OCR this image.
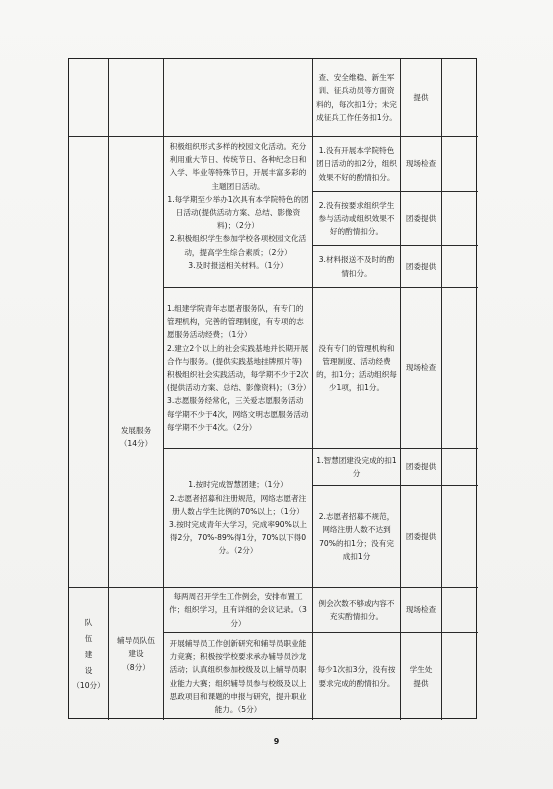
查、安全维稳、新生军训、征兵动员等方面资料的，每次扣1分；未完成征兵工作任务扣1分。

提供

发展服务

（14分）

积极组织形式多样的校园文化活动。充分利用重大节日、传统节日、各种纪念日和入学、毕业等特殊节日，开展丰富多彩的主题团日活动。

1.每学期至少举办1次具有本学院特色的团日活动(提供活动方案、总结、影像资料)；（2分）

2.积极组织学生参加学校各项校园文化活动，提高学生综合素质；（2分）

3.及时报送相关材料。（1分）

1.没有开展本学院特色团日活动的扣2分，组织效果不好的酌情扣分。

现场检查

2.没有按要求组织学生参与活动或组织效果不好的酌情扣分。

团委提供

3.材料报送不及时的酌情扣分。

团委提供

1.组建学院青年志愿者服务队，有专门的管理机构，完善的管理制度，有专项的志愿服务活动经费；（1分）

2.建立2个以上的社会实践基地并长期开展合作与服务。(提供实践基地挂牌照片等)积极组织社会实践活动，每学期不少于2次(提供活动方案、总结、影像资料)；（3分）

3.志愿服务经常化，三关爱志愿服务活动每学期不少于4次，网络文明志愿服务活动每学期不少于4次。（2分）

没有专门的管理机构和管理制度、活动经费的，扣1分；活动组织每少1项，扣1分。

现场检查

1.按时完成智慧团建；（1分）

2.志愿者招募和注册规范，网络志愿者注册人数占学生比例的70%以上；（1分）

3.按时完成青年大学习，完成率90%以上得2分，70%-89%得1分，70%以下得0分。（2分）

1.智慧团建没完成的扣1分

团委提供

2.志愿者招募不规范，网络注册人数不达到70%的扣1分；没有完成扣1分

团委提供

队伍建设

（10分）

辅导员队伍建设

（8分）

每两周召开学生工作例会，安排布置工作；组织学习，且有详细的会议记录。（3分）

例会次数不够或内容不充实酌情扣分。

现场检查

开展辅导员工作创新研究和辅导员职业能力竞赛；积极按学校要求承办辅导员沙龙活动；认真组织参加校级及以上辅导员职业能力大赛；组织辅导员参与校级及以上思政项目和课题的申报与研究，提升职业能力。（5分）

每少1次扣3分，没有按要求完成的酌情扣分。

学生处提供

9
